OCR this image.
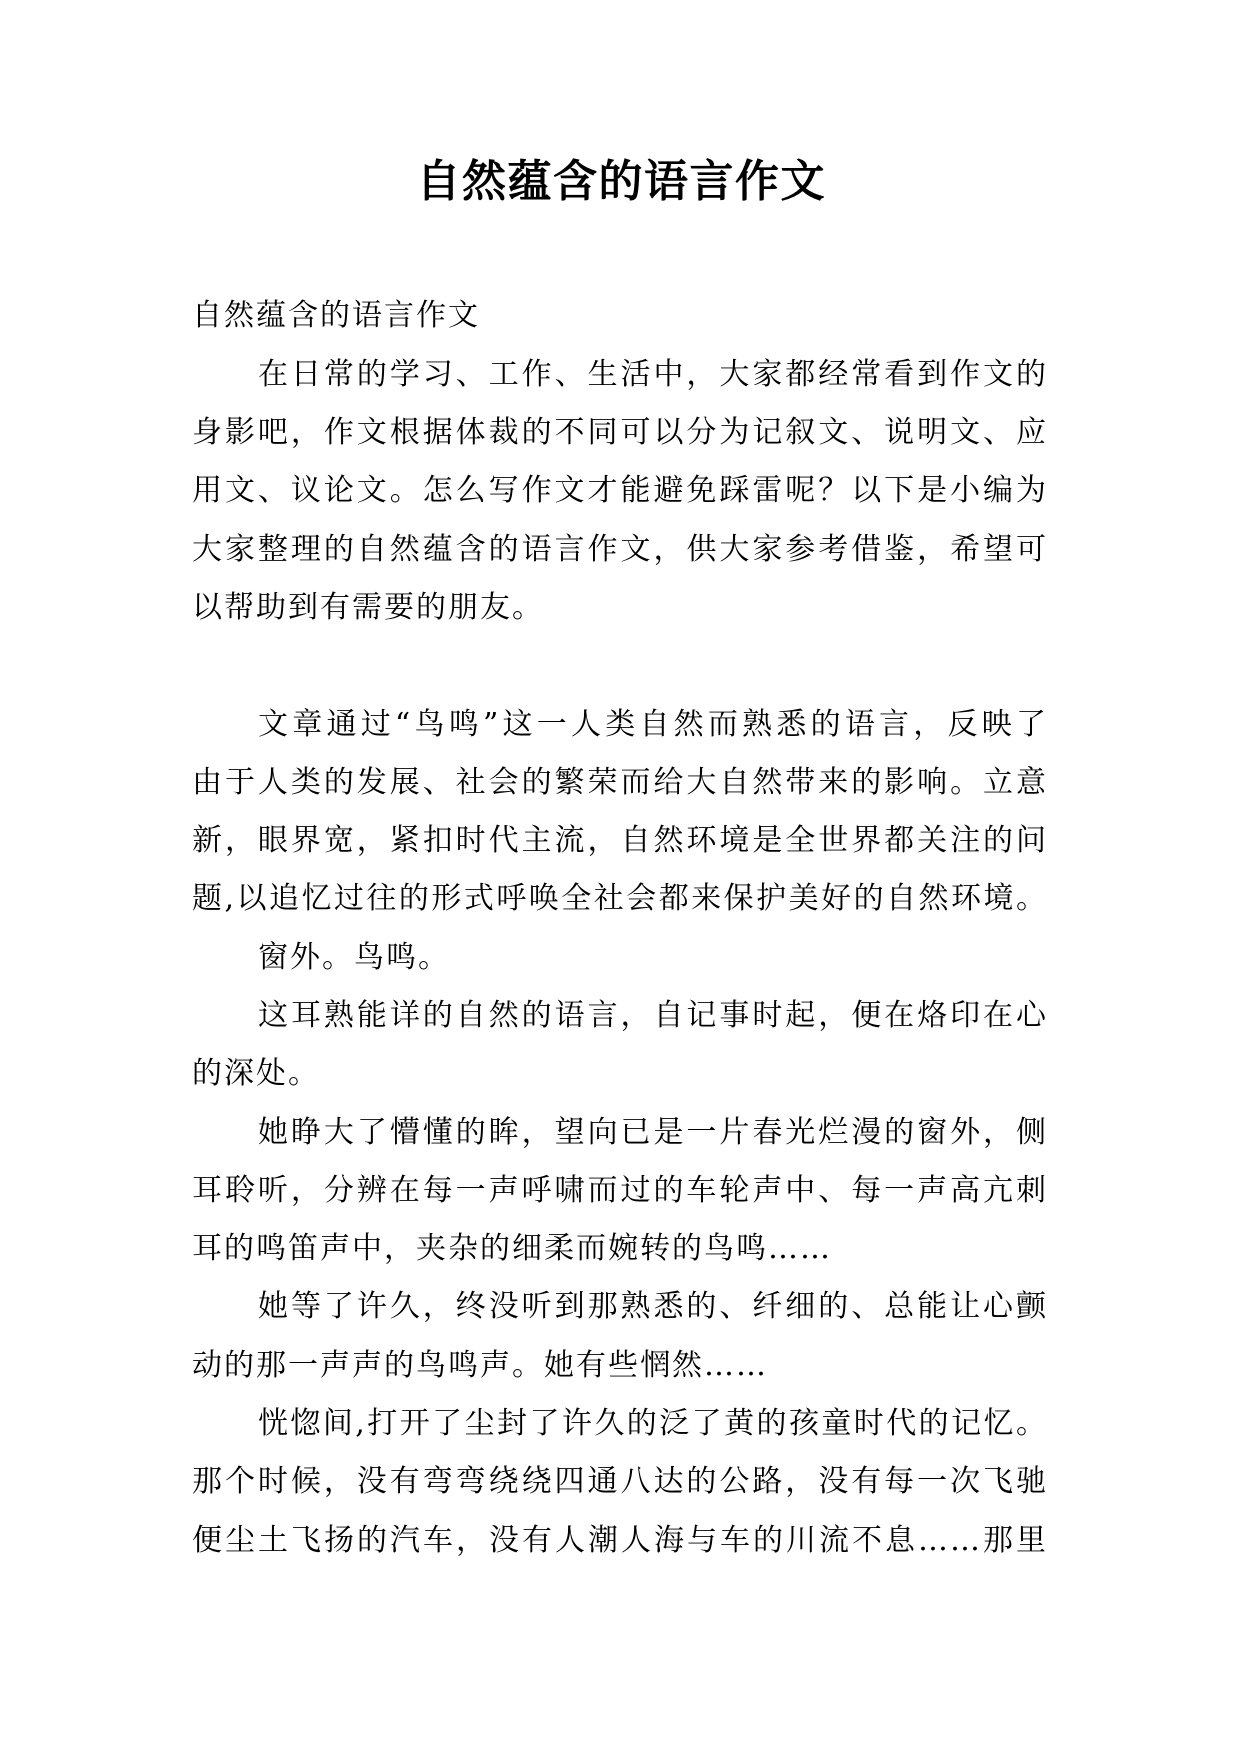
自然蕴含的语言作文
自然蕴含的语言作文
在日常的学习、工作、生活中，大家都经常看到作文的
身影吧，作文根据体裁的不同可以分为记叙文、说明文、应
用文、议论文。怎么写作文才能避免踩雷呢？以下是小编为
大家整理的自然蕴含的语言作文，供大家参考借鉴，希望可
以帮助到有需要的朋友。
文章通过“鸟鸣”这一人类自然而熟悉的语言，反映了
由于人类的发展、社会的繁荣而给大自然带来的影响。立意
新，眼界宽，紧扣时代主流，自然环境是全世界都关注的问
题,以追忆过往的形式呼唤全社会都来保护美好的自然环境。
窗外。鸟鸣。
这耳熟能详的自然的语言，自记事时起，便在烙印在心
的深处。
她睁大了懵懂的眸，望向已是一片春光烂漫的窗外，侧
耳聆听，分辨在每一声呼啸而过的车轮声中、每一声高亢刺
耳的鸣笛声中，夹杂的细柔而婉转的鸟鸣……
她等了许久，终没听到那熟悉的、纤细的、总能让心颤
动的那一声声的鸟鸣声。她有些惘然……
恍惚间,打开了尘封了许久的泛了黄的孩童时代的记忆。
那个时候，没有弯弯绕绕四通八达的公路，没有每一次飞驰
便尘土飞扬的汽车，没有人潮人海与车的川流不息……那里
